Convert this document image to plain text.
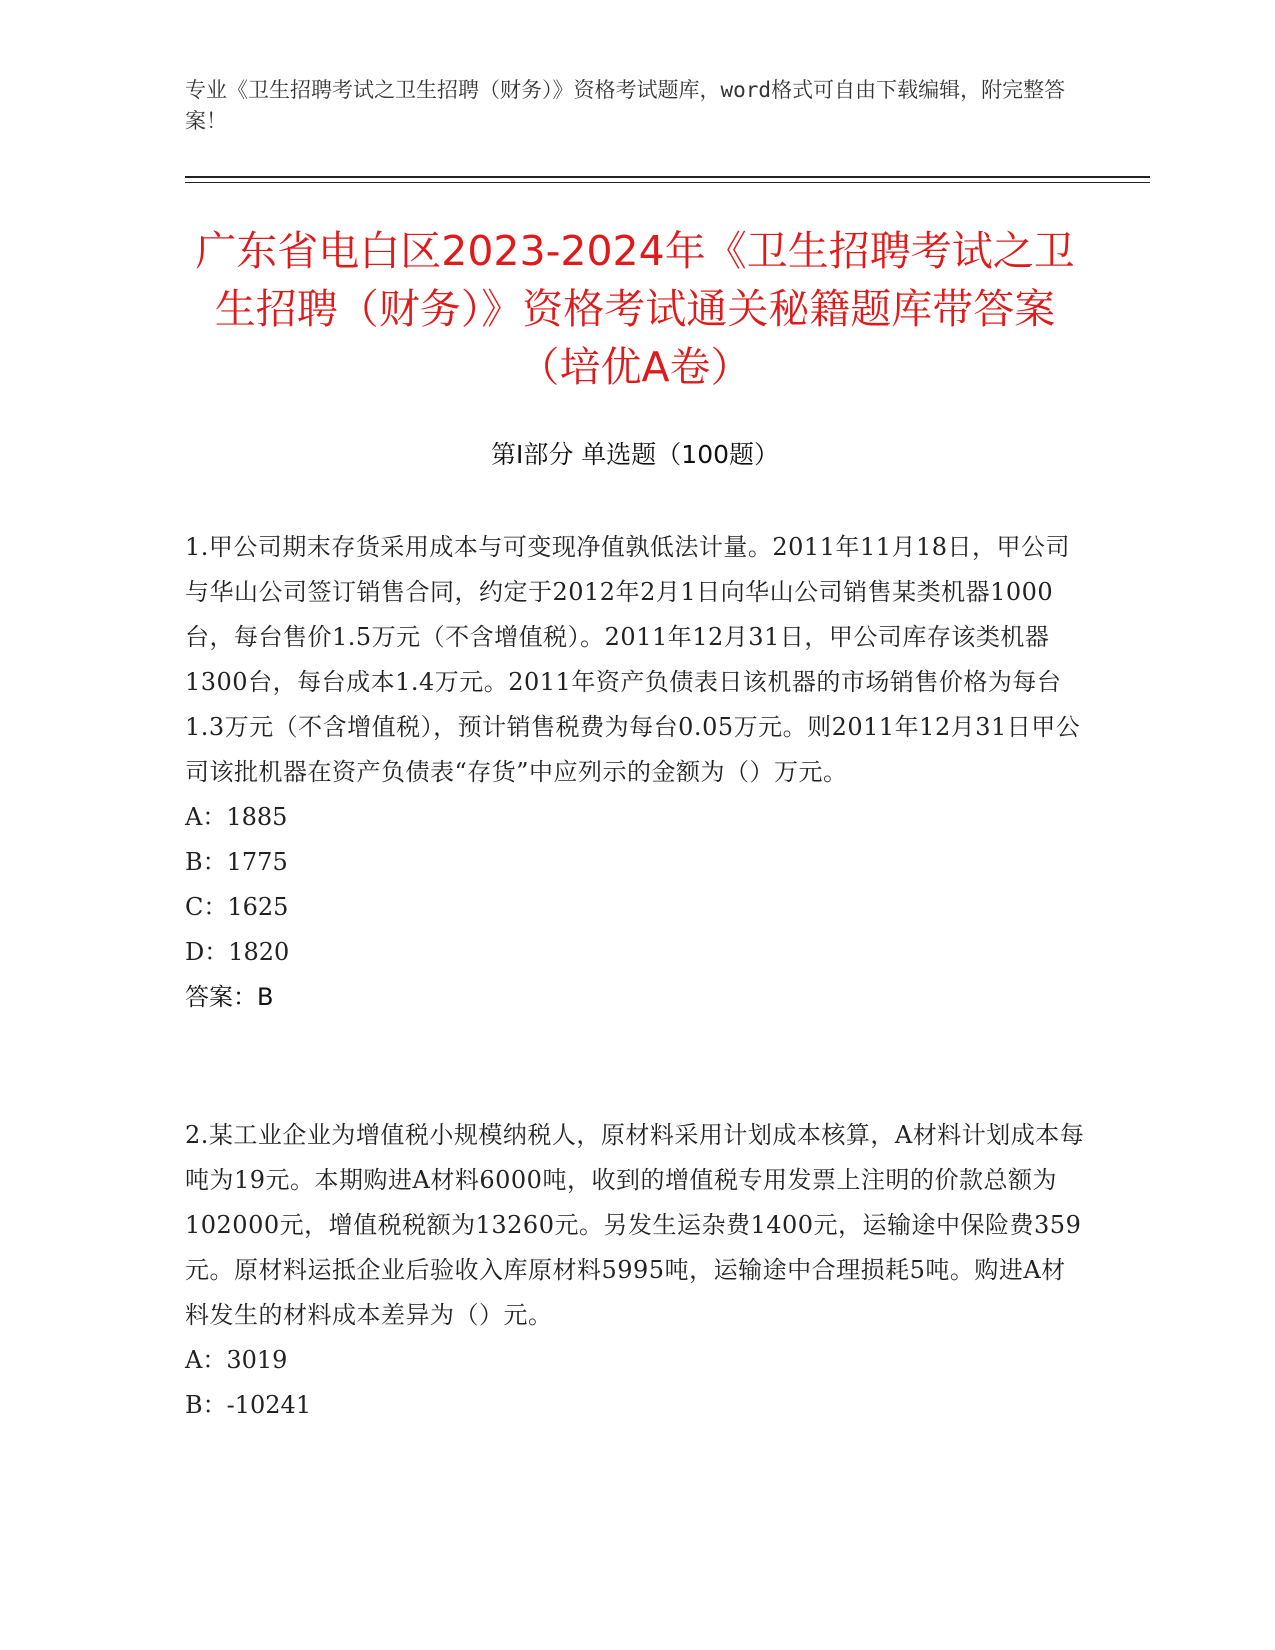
专业《卫生招聘考试之卫生招聘（财务）》资格考试题库，word格式可自由下载编辑，附完整答案！
广东省电白区2023-2024年《卫生招聘考试之卫生招聘（财务）》资格考试通关秘籍题库带答案（培优A卷）
第I部分 单选题（100题）

1.甲公司期末存货采用成本与可变现净值孰低法计量。2011年11月18日，甲公司与华山公司签订销售合同，约定于2012年2月1日向华山公司销售某类机器1000台，每台售价1.5万元（不含增值税）。2011年12月31日，甲公司库存该类机器1300台，每台成本1.4万元。2011年资产负债表日该机器的市场销售价格为每台1.3万元（不含增值税），预计销售税费为每台0.05万元。则2011年12月31日甲公司该批机器在资产负债表“存货”中应列示的金额为（）万元。

A：1885

B：1775

C：1625

D：1820

答案：B

2.某工业企业为增值税小规模纳税人，原材料采用计划成本核算，A材料计划成本每吨为19元。本期购进A材料6000吨，收到的增值税专用发票上注明的价款总额为102000元，增值税税额为13260元。另发生运杂费1400元，运输途中保险费359元。原材料运抵企业后验收入库原材料5995吨，运输途中合理损耗5吨。购进A材料发生的材料成本差异为（）元。

A：3019

B：-10241
